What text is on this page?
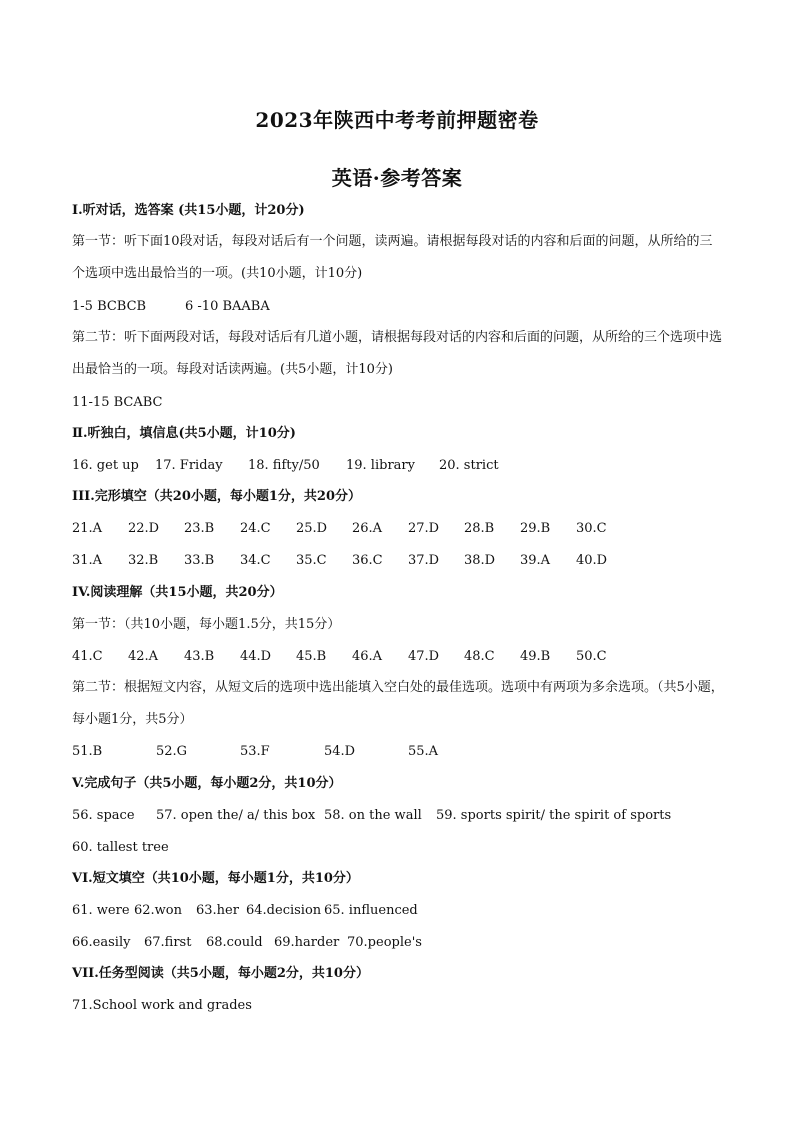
2023年陕西中考考前押题密卷
英语·参考答案
Ⅰ.听对话，选答案 (共15小题，计20分)
第一节：听下面10段对话，每段对话后有一个问题，读两遍。请根据每段对话的内容和后面的问题，从所给的三个选项中选出最恰当的一项。(共10小题，计10分)
1-5 BCBCB	6 -10 BAABA
第二节：听下面两段对话，每段对话后有几道小题，请根据每段对话的内容和后面的问题，从所给的三个选项中选出最恰当的一项。每段对话读两遍。(共5小题，计10分)
11-15 BCABC
Ⅱ.听独白，填信息(共5小题，计10分)
16. get up 17. Friday 18. fifty/50 19. library 20. strict
III.完形填空（共20小题，每小题1分，共20分）
21.A 22.D 23.B 24.C 25.D 26.A 27.D 28.B 29.B 30.C
31.A 32.B 33.B 34.C 35.C 36.C 37.D 38.D 39.A 40.D
IV.阅读理解（共15小题，共20分）
第一节：（共10小题，每小题1.5分，共15分）
41.C 42.A 43.B 44.D 45.B 46.A 47.D 48.C 49.B 50.C
第二节：根据短文内容，从短文后的选项中选出能填入空白处的最佳选项。选项中有两项为多余选项。（共5小题，每小题1分，共5分）
51.B	52.G	53.F	54.D	55.A
V.完成句子（共5小题，每小题2分，共10分）
56. space 57. open the/ a/ this box 58. on the wall 59. sports spirit/ the spirit of sports
60. tallest tree
VI.短文填空（共10小题，每小题1分，共10分）
61. were 62.won 63.her 64.decision 65. influenced
66.easily 67.first 68.could 69.harder 70.people's
VII.任务型阅读（共5小题，每小题2分，共10分）
71.School work and grades
